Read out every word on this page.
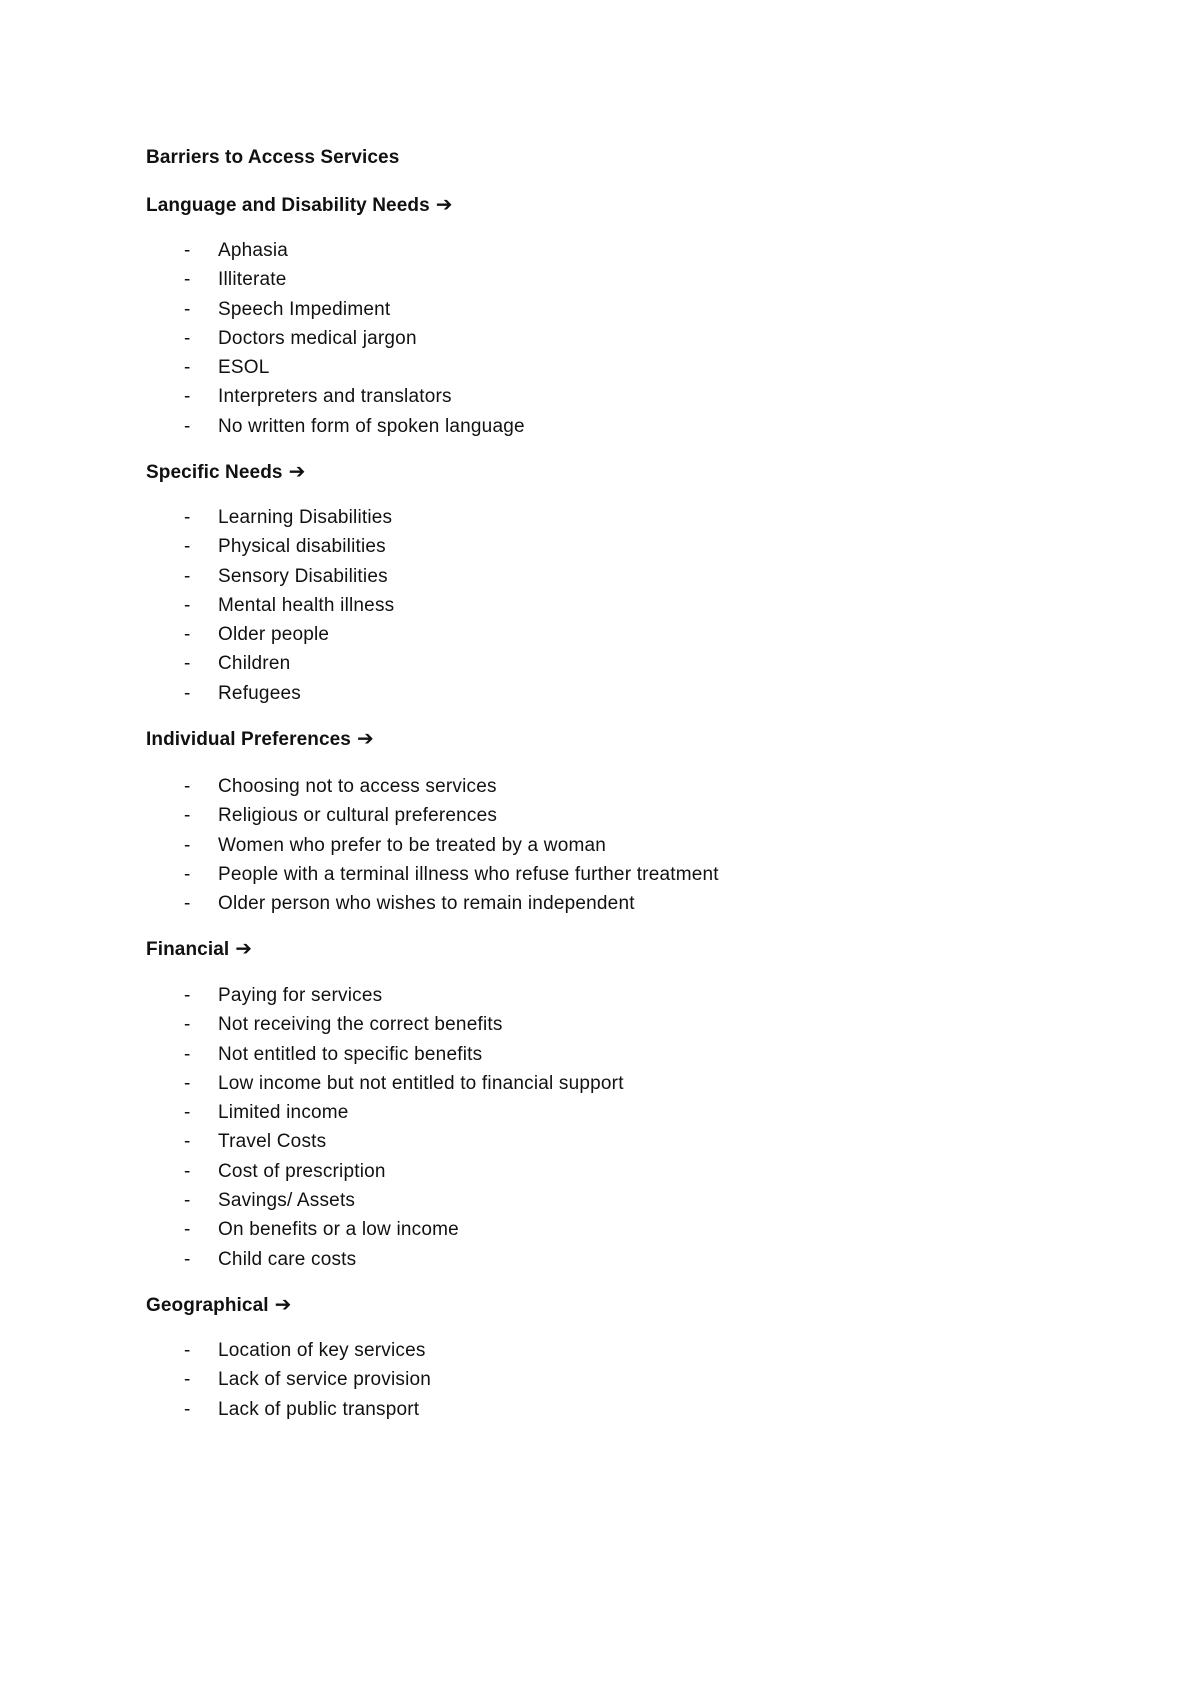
Barriers to Access Services
Language and Disability Needs ➔
- Aphasia
- Illiterate
- Speech Impediment
- Doctors medical jargon
- ESOL
- Interpreters and translators
- No written form of spoken language
Specific Needs ➔
- Learning Disabilities
- Physical disabilities
- Sensory Disabilities
- Mental health illness
- Older people
- Children
- Refugees
Individual Preferences ➔
- Choosing not to access services
- Religious or cultural preferences
- Women who prefer to be treated by a woman
- People with a terminal illness who refuse further treatment
- Older person who wishes to remain independent
Financial ➔
- Paying for services
- Not receiving the correct benefits
- Not entitled to specific benefits
- Low income but not entitled to financial support
- Limited income
- Travel Costs
- Cost of prescription
- Savings/ Assets
- On benefits or a low income
- Child care costs
Geographical ➔
- Location of key services
- Lack of service provision
- Lack of public transport
